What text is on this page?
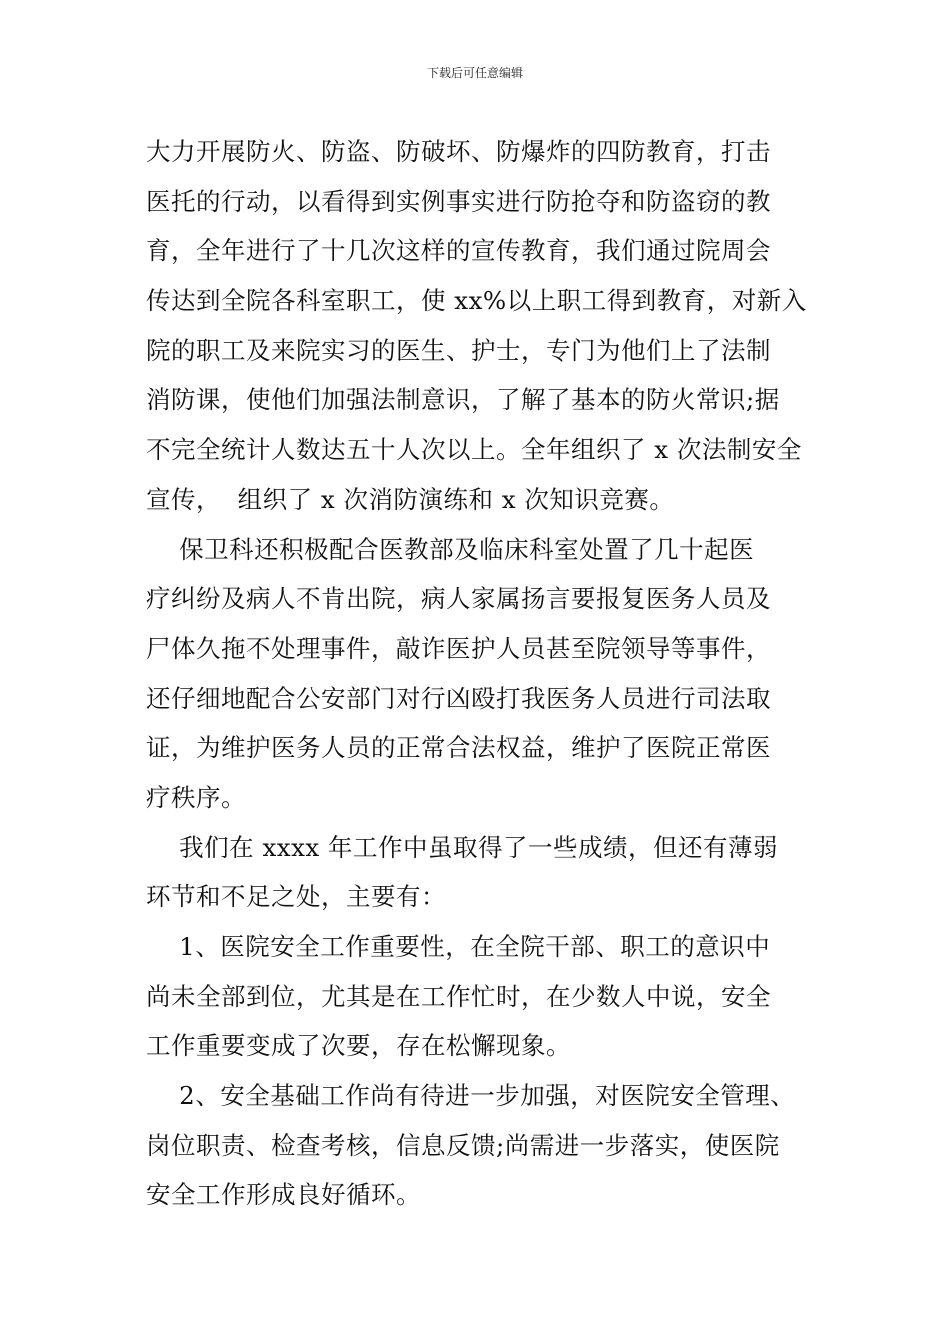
下载后可任意编辑
大力开展防火、防盗、防破坏、防爆炸的四防教育，打击
医托的行动，以看得到实例事实进行防抢夺和防盗窃的教
育，全年进行了十几次这样的宣传教育，我们通过院周会
传达到全院各科室职工，使 xx%以上职工得到教育，对新入
院的职工及来院实习的医生、护士，专门为他们上了法制
消防课，使他们加强法制意识，了解了基本的防火常识;据
不完全统计人数达五十人次以上。全年组织了 x 次法制安全
宣传，  组织了 x 次消防演练和 x 次知识竞赛。
保卫科还积极配合医教部及临床科室处置了几十起医
疗纠纷及病人不肯出院，病人家属扬言要报复医务人员及
尸体久拖不处理事件，敲诈医护人员甚至院领导等事件，
还仔细地配合公安部门对行凶殴打我医务人员进行司法取
证，为维护医务人员的正常合法权益，维护了医院正常医
疗秩序。
我们在 xxxx 年工作中虽取得了一些成绩，但还有薄弱
环节和不足之处，主要有：
1、医院安全工作重要性，在全院干部、职工的意识中
尚未全部到位，尤其是在工作忙时，在少数人中说，安全
工作重要变成了次要，存在松懈现象。
2、安全基础工作尚有待进一步加强，对医院安全管理、
岗位职责、检查考核，信息反馈;尚需进一步落实，使医院
安全工作形成良好循环。
